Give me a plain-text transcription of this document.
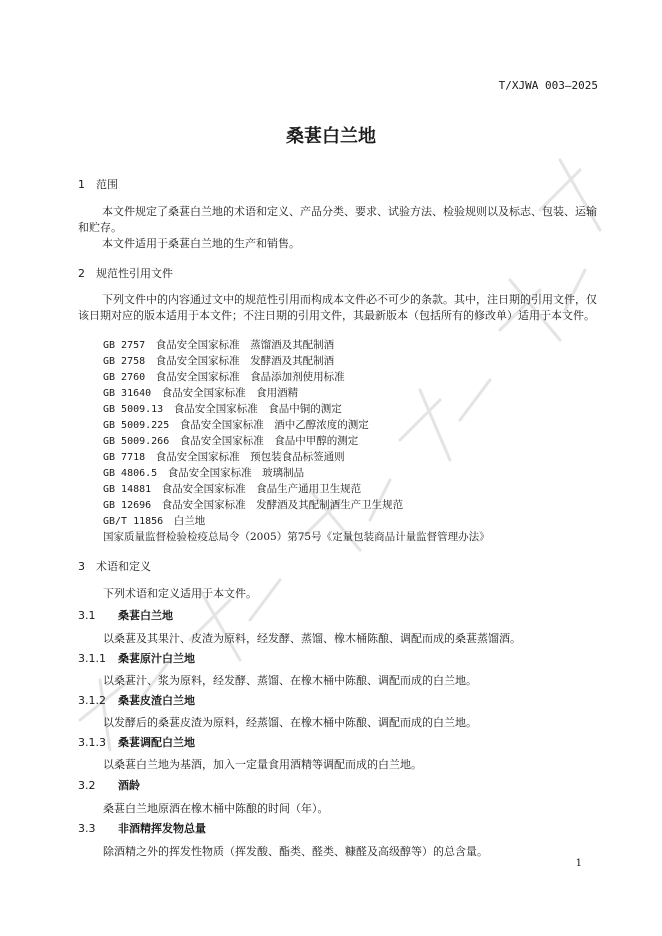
T/XJWA 003—2025
桑葚白兰地
1 范围
本文件规定了桑葚白兰地的术语和定义、产品分类、要求、试验方法、检验规则以及标志、包装、运输和贮存。
本文件适用于桑葚白兰地的生产和销售。
2 规范性引用文件
下列文件中的内容通过文中的规范性引用而构成本文件必不可少的条款。其中，注日期的引用文件，仅该日期对应的版本适用于本文件；不注日期的引用文件，其最新版本（包括所有的修改单）适用于本文件。
GB 2757　 食品安全国家标准　蒸馏酒及其配制酒
GB 2758　 食品安全国家标准　发酵酒及其配制酒
GB 2760　 食品安全国家标准　食品添加剂使用标准
GB 31640　 食品安全国家标准　食用酒精
GB 5009.13　 食品安全国家标准　食品中铜的测定
GB 5009.225　 食品安全国家标准　酒中乙醇浓度的测定
GB 5009.266　 食品安全国家标准　食品中甲醇的测定
GB 7718　 食品安全国家标准　预包装食品标签通则
GB 4806.5　 食品安全国家标准　玻璃制品
GB 14881　 食品安全国家标准　食品生产通用卫生规范
GB 12696　 食品安全国家标准　发酵酒及其配制酒生产卫生规范
GB/T 11856　 白兰地
国家质量监督检验检疫总局令（2005）第75号《定量包装商品计量监督管理办法》
3 术语和定义
下列术语和定义适用于本文件。
3.1 桑葚白兰地
以桑葚及其果汁、皮渣为原料，经发酵、蒸馏、橡木桶陈酿、调配而成的桑葚蒸馏酒。
3.1.1 桑葚原汁白兰地
以桑葚汁、浆为原料，经发酵、蒸馏、在橡木桶中陈酿、调配而成的白兰地。
3.1.2 桑葚皮渣白兰地
以发酵后的桑葚皮渣为原料，经蒸馏、在橡木桶中陈酿、调配而成的白兰地。
3.1.3 桑葚调配白兰地
以桑葚白兰地为基酒，加入一定量食用酒精等调配而成的白兰地。
3.2 酒龄
桑葚白兰地原酒在橡木桶中陈酿的时间（年）。
3.3 非酒精挥发物总量
除酒精之外的挥发性物质（挥发酸、酯类、醛类、糠醛及高级醇等）的总含量。
1
